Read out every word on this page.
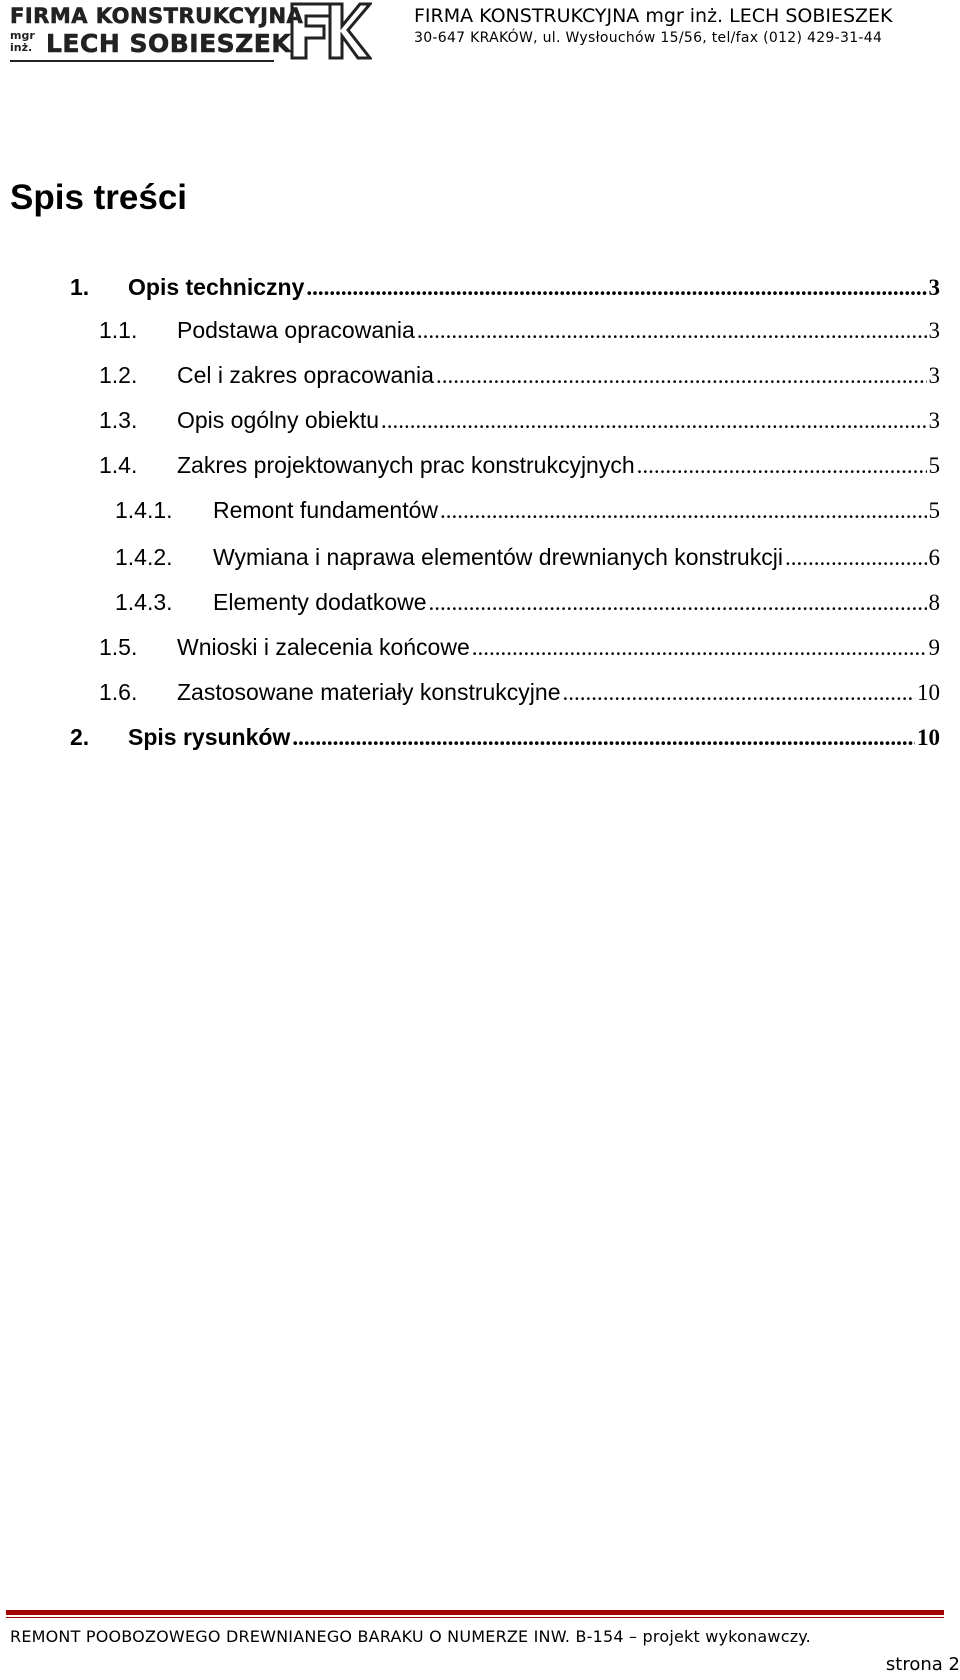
FIRMA KONSTRUKCYJNA
mgr inż. LECH SOBIESZEK
FIRMA KONSTRUKCYJNA mgr inż. LECH SOBIESZEK
30-647 KRAKÓW, ul. Wysłouchów 15/56, tel/fax (012) 429-31-44
Spis treści
1.	Opis techniczny .....	3
1.1.	Podstawa opracowania .....	3
1.2.	Cel i zakres opracowania .....	3
1.3.	Opis ogólny obiektu .....	3
1.4.	Zakres projektowanych prac konstrukcyjnych .....	5
1.4.1.	Remont fundamentów .....	5
1.4.2.	Wymiana i naprawa elementów drewnianych konstrukcji .....	6
1.4.3.	Elementy dodatkowe .....	8
1.5.	Wnioski i zalecenia końcowe .....	9
1.6.	Zastosowane materiały konstrukcyjne .....	10
2.	Spis rysunków .....	10
REMONT POOBOZOWEGO DREWNIANEGO BARAKU O NUMERZE INW. B-154 – projekt wykonawczy.
strona 2
